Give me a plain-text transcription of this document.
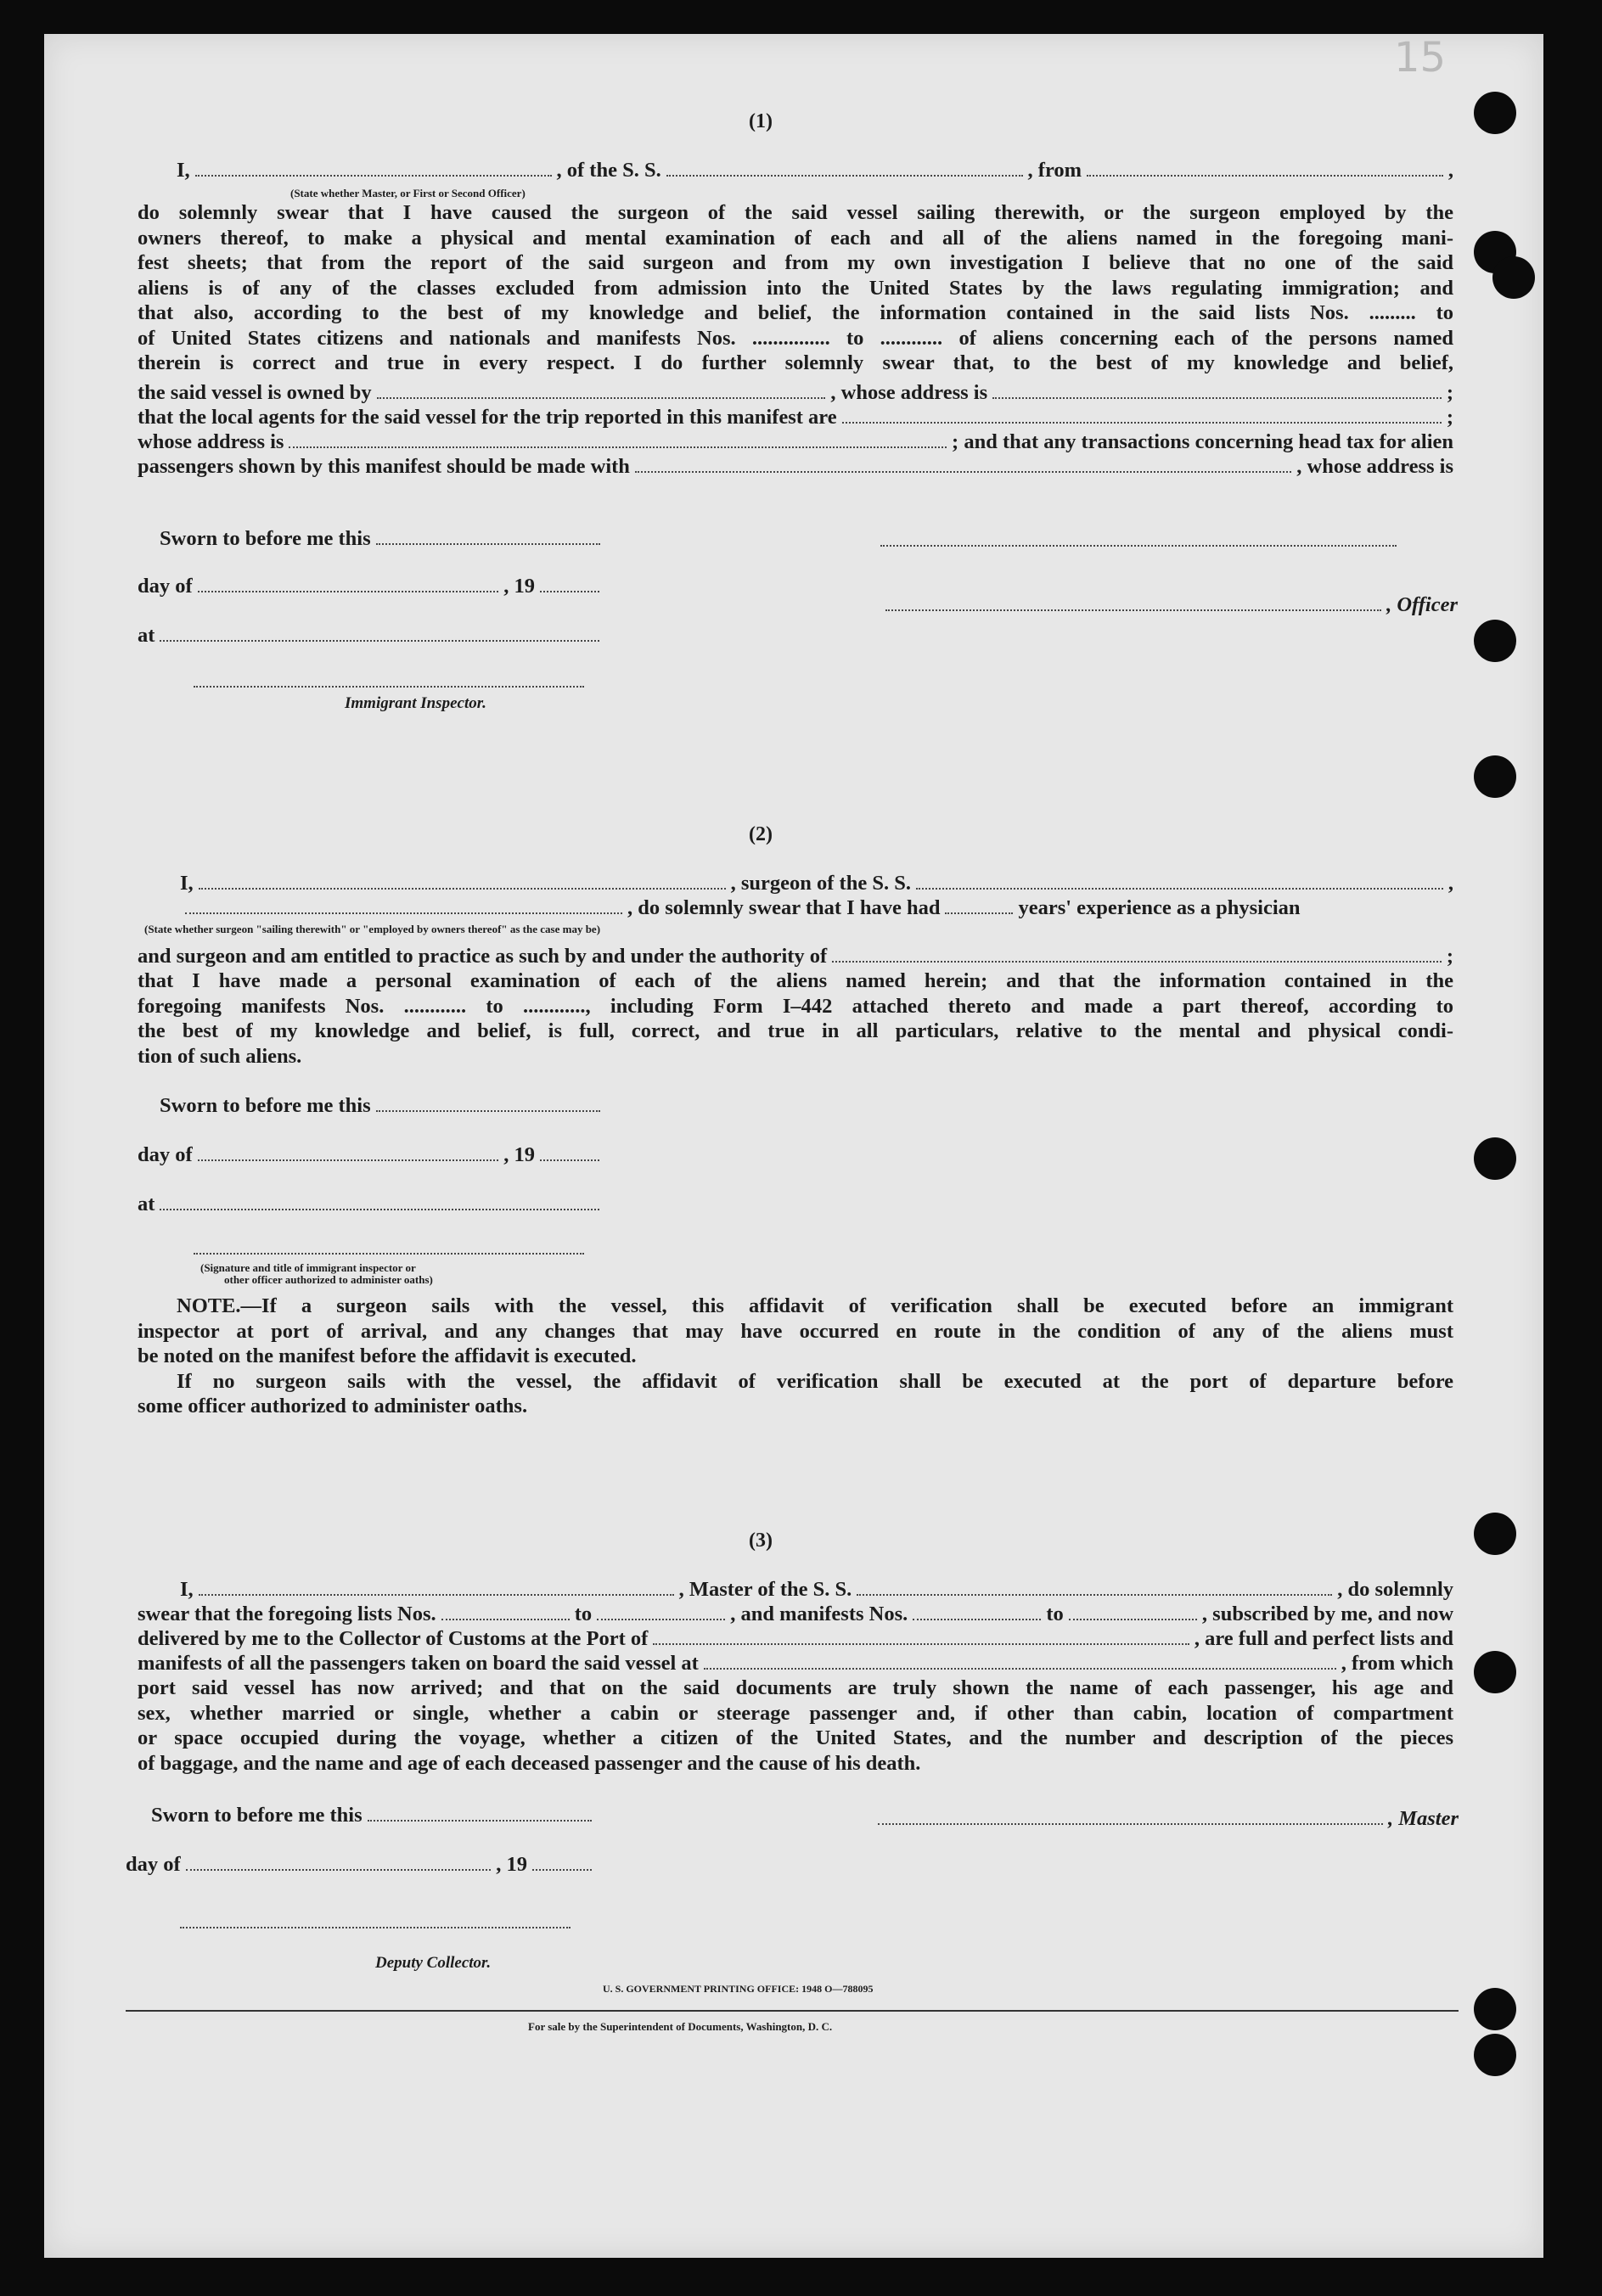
15
(1)
I,	, of the S. S.	, from	,
(State whether Master, or First or Second Officer)
do solemnly swear that I have caused the surgeon of the said vessel sailing therewith, or the surgeon employed by the
owners thereof, to make a physical and mental examination of each and all of the aliens named in the foregoing mani-
fest sheets; that from the report of the said surgeon and from my own investigation I believe that no one of the said
aliens is of any of the classes excluded from admission into the United States by the laws regulating immigration; and
that also, according to the best of my knowledge and belief, the information contained in the said lists Nos. ......... to
of United States citizens and nationals and manifests Nos. ............... to ............ of aliens concerning each of the persons named
therein is correct and true in every respect. I do further solemnly swear that, to the best of my knowledge and belief,
the said vessel is owned by	, whose address is	;
that the local agents for the said vessel for the trip reported in this manifest are	;
whose address is	; and that any transactions concerning head tax for alien
passengers shown by this manifest should be made with	, whose address is
Sworn to before me this
day of	, 19
, Officer
at
Immigrant Inspector.
(2)
I,	, surgeon of the S. S.	,
, do solemnly swear that I have had	years' experience as a physician
(State whether surgeon "sailing therewith" or "employed by owners thereof" as the case may be)
and surgeon and am entitled to practice as such by and under the authority of	;
that I have made a personal examination of each of the aliens named herein; and that the information contained in the
foregoing manifests Nos. ............ to ............, including Form I–442 attached thereto and made a part thereof, according to
the best of my knowledge and belief, is full, correct, and true in all particulars, relative to the mental and physical condi-
tion of such aliens.
Sworn to before me this
day of	, 19
at
(Signature and title of immigrant inspector or
other officer authorized to administer oaths)
NOTE.—If a surgeon sails with the vessel, this affidavit of verification shall be executed before an immigrant
inspector at port of arrival, and any changes that may have occurred en route in the condition of any of the aliens must
be noted on the manifest before the affidavit is executed.
If no surgeon sails with the vessel, the affidavit of verification shall be executed at the port of departure before
some officer authorized to administer oaths.
(3)
I,	, Master of the S. S.	, do solemnly
swear that the foregoing lists Nos.	to	, and manifests Nos.	to	, subscribed by me, and now
delivered by me to the Collector of Customs at the Port of	, are full and perfect lists and
manifests of all the passengers taken on board the said vessel at	, from which
port said vessel has now arrived; and that on the said documents are truly shown the name of each passenger, his age and
sex, whether married or single, whether a cabin or steerage passenger and, if other than cabin, location of compartment
or space occupied during the voyage, whether a citizen of the United States, and the number and description of the pieces
of baggage, and the name and age of each deceased passenger and the cause of his death.
Sworn to before me this	, Master
day of	, 19
Deputy Collector.
U. S. GOVERNMENT PRINTING OFFICE: 1948 O—788095
For sale by the Superintendent of Documents, Washington, D. C.
